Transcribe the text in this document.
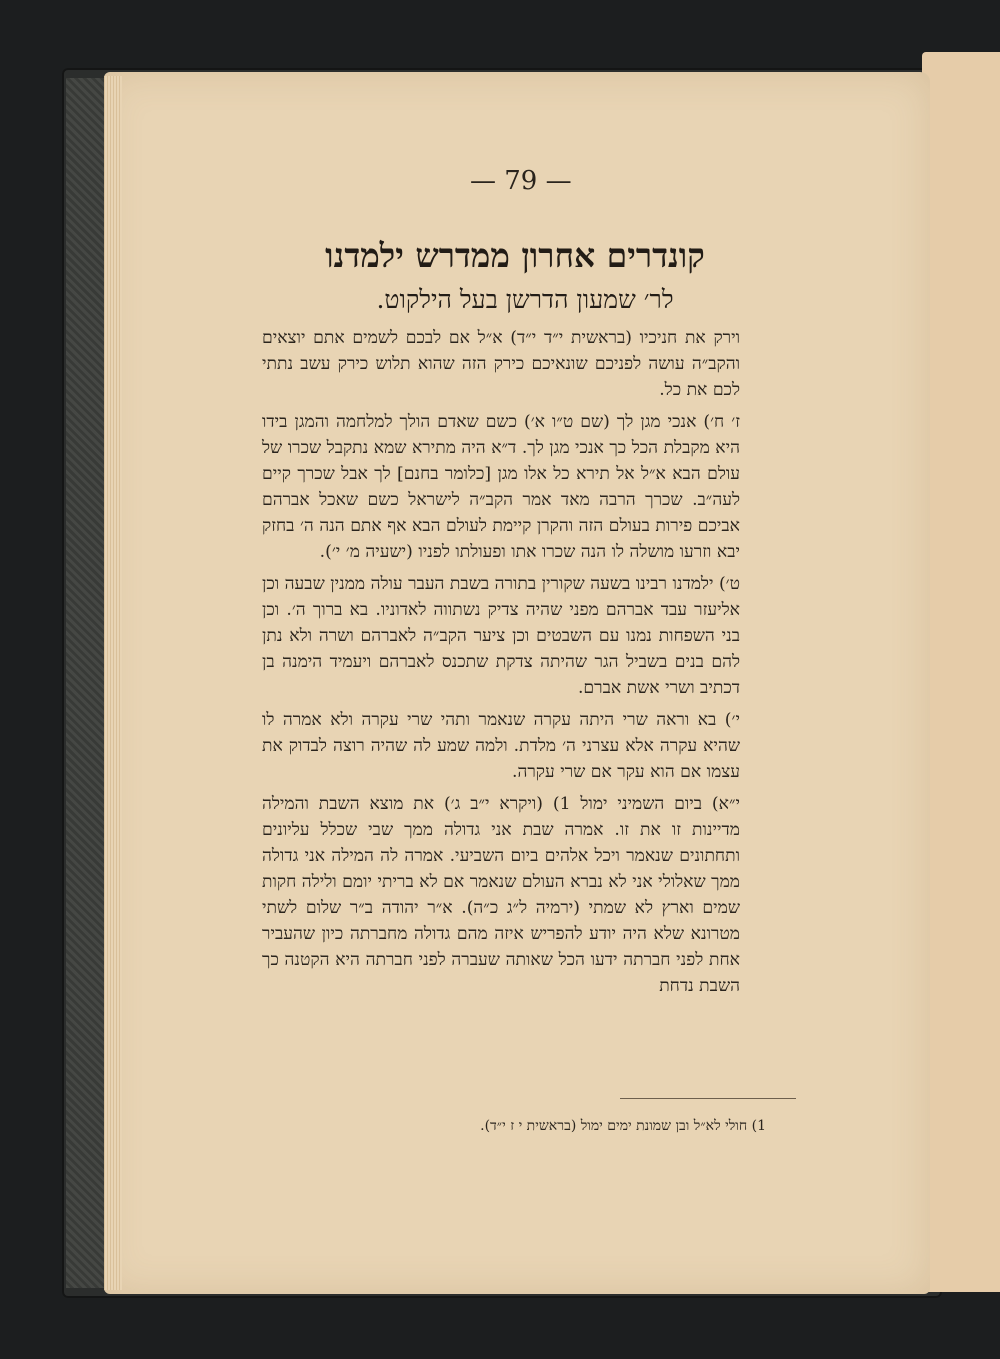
— 79 —
קונדרים אחרון ממדרש ילמדנו
לר׳ שמעון הדרשן בעל הילקוט.

וירק את חניכיו (בראשית י״ד י״ד) א״ל אם לבכם לשמים אתם יוצאים והקב״ה עושה לפניכם שונאיכם כירק הזה שהוא תלוש כירק עשב נתתי לכם את כל.

ז׳ ח׳) אנכי מגן לך (שם ט״ו א׳) כשם שאדם הולך למלחמה והמגן בידו היא מקבלת הכל כך אנכי מגן לך. ד״א היה מתירא שמא נתקבל שכרו של עולם הבא א״ל אל תירא כל אלו מגן [כלומר בחנם] לך אבל שכרך קיים לעה״ב. שכרך הרבה מאד אמר הקב״ה לישראל כשם שאכל אברהם אביכם פירות בעולם הזה והקרן קיימת לעולם הבא אף אתם הנה ה׳ בחזק יבא וזרעו מושלה לו הנה שכרו אתו ופעולתו לפניו (ישעיה מ׳ י׳).

ט׳) ילמדנו רבינו בשעה שקורין בתורה בשבת העבר עולה ממנין שבעה וכן אליעזר עבד אברהם מפני שהיה צדיק נשתווה לאדוניו. בא ברוך ה׳. וכן בני השפחות נמנו עם השבטים וכן ציער הקב״ה לאברהם ושרה ולא נתן להם בנים בשביל הגר שהיתה צדקת שתכנס לאברהם ויעמיד הימנה בן דכתיב ושרי אשת אברם.

י׳) בא וראה שרי היתה עקרה שנאמר ותהי שרי עקרה ולא אמרה לו שהיא עקרה אלא עצרני ה׳ מלדת. ולמה שמע לה שהיה רוצה לבדוק את עצמו אם הוא עקר אם שרי עקרה.

י״א) ביום השמיני ימול 1) (ויקרא י״ב ג׳) את מוצא השבת והמילה מדיינות זו את זו. אמרה שבת אני גדולה ממך שבי שכלל עליונים ותחתונים שנאמר ויכל אלהים ביום השביעי. אמרה לה המילה אני גדולה ממך שאלולי אני לא נברא העולם שנאמר אם לא בריתי יומם ולילה חקות שמים וארץ לא שמתי (ירמיה ל״ג כ״ה). א״ר יהודה ב״ר שלום לשתי מטרונא שלא היה יודע להפריש איזה מהם גדולה מחברתה כיון שהעביר אחת לפני חברתה ידעו הכל שאותה שעברה לפני חברתה היא הקטנה כך השבת נדחת

1) חולי לא״ל ובן שמונת ימים ימול (בראשית י ז י״ד).
